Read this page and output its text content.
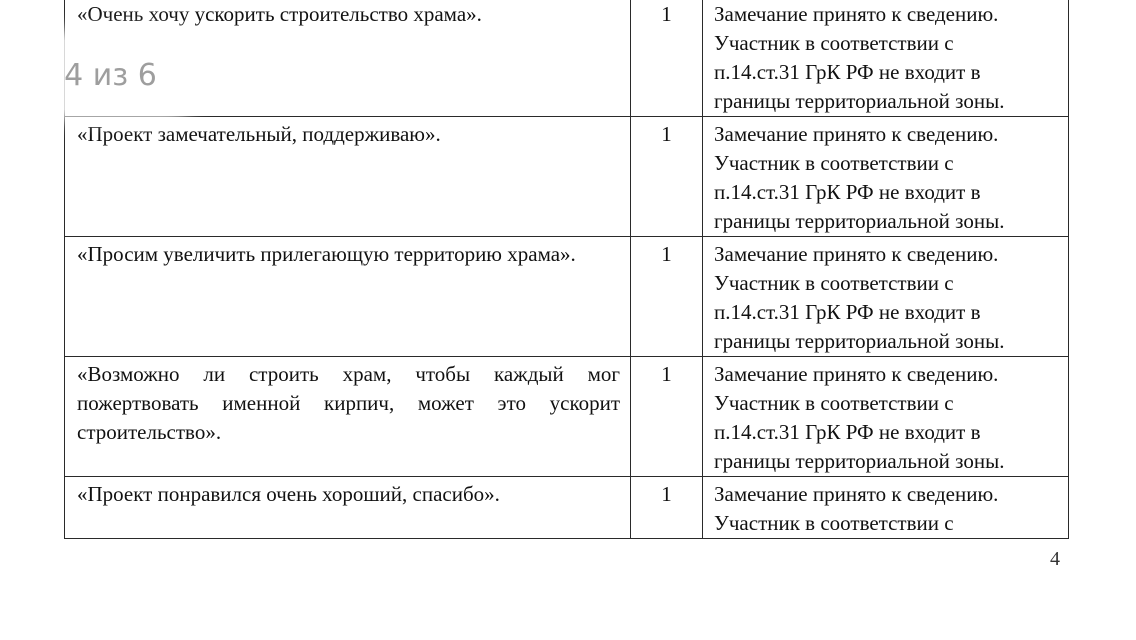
«Очень хочу ускорить строительство храма».	1	Замечание принято к сведению.
Участник в соответствии с
п.14.ст.31 ГрК РФ не входит в
границы территориальной зоны.

«Проект замечательный, поддерживаю».	1	Замечание принято к сведению.
Участник в соответствии с
п.14.ст.31 ГрК РФ не входит в
границы территориальной зоны.

«Просим увеличить прилегающую территорию храма».	1	Замечание принято к сведению.
Участник в соответствии с
п.14.ст.31 ГрК РФ не входит в
границы территориальной зоны.

«Возможно ли строить храм, чтобы каждый мог пожертвовать именной кирпич, может это ускорит строительство».	1	Замечание принято к сведению.
Участник в соответствии с
п.14.ст.31 ГрК РФ не входит в
границы территориальной зоны.

«Проект понравился очень хороший, спасибо».	1	Замечание принято к сведению.
Участник в соответствии с
4 из 6
4
